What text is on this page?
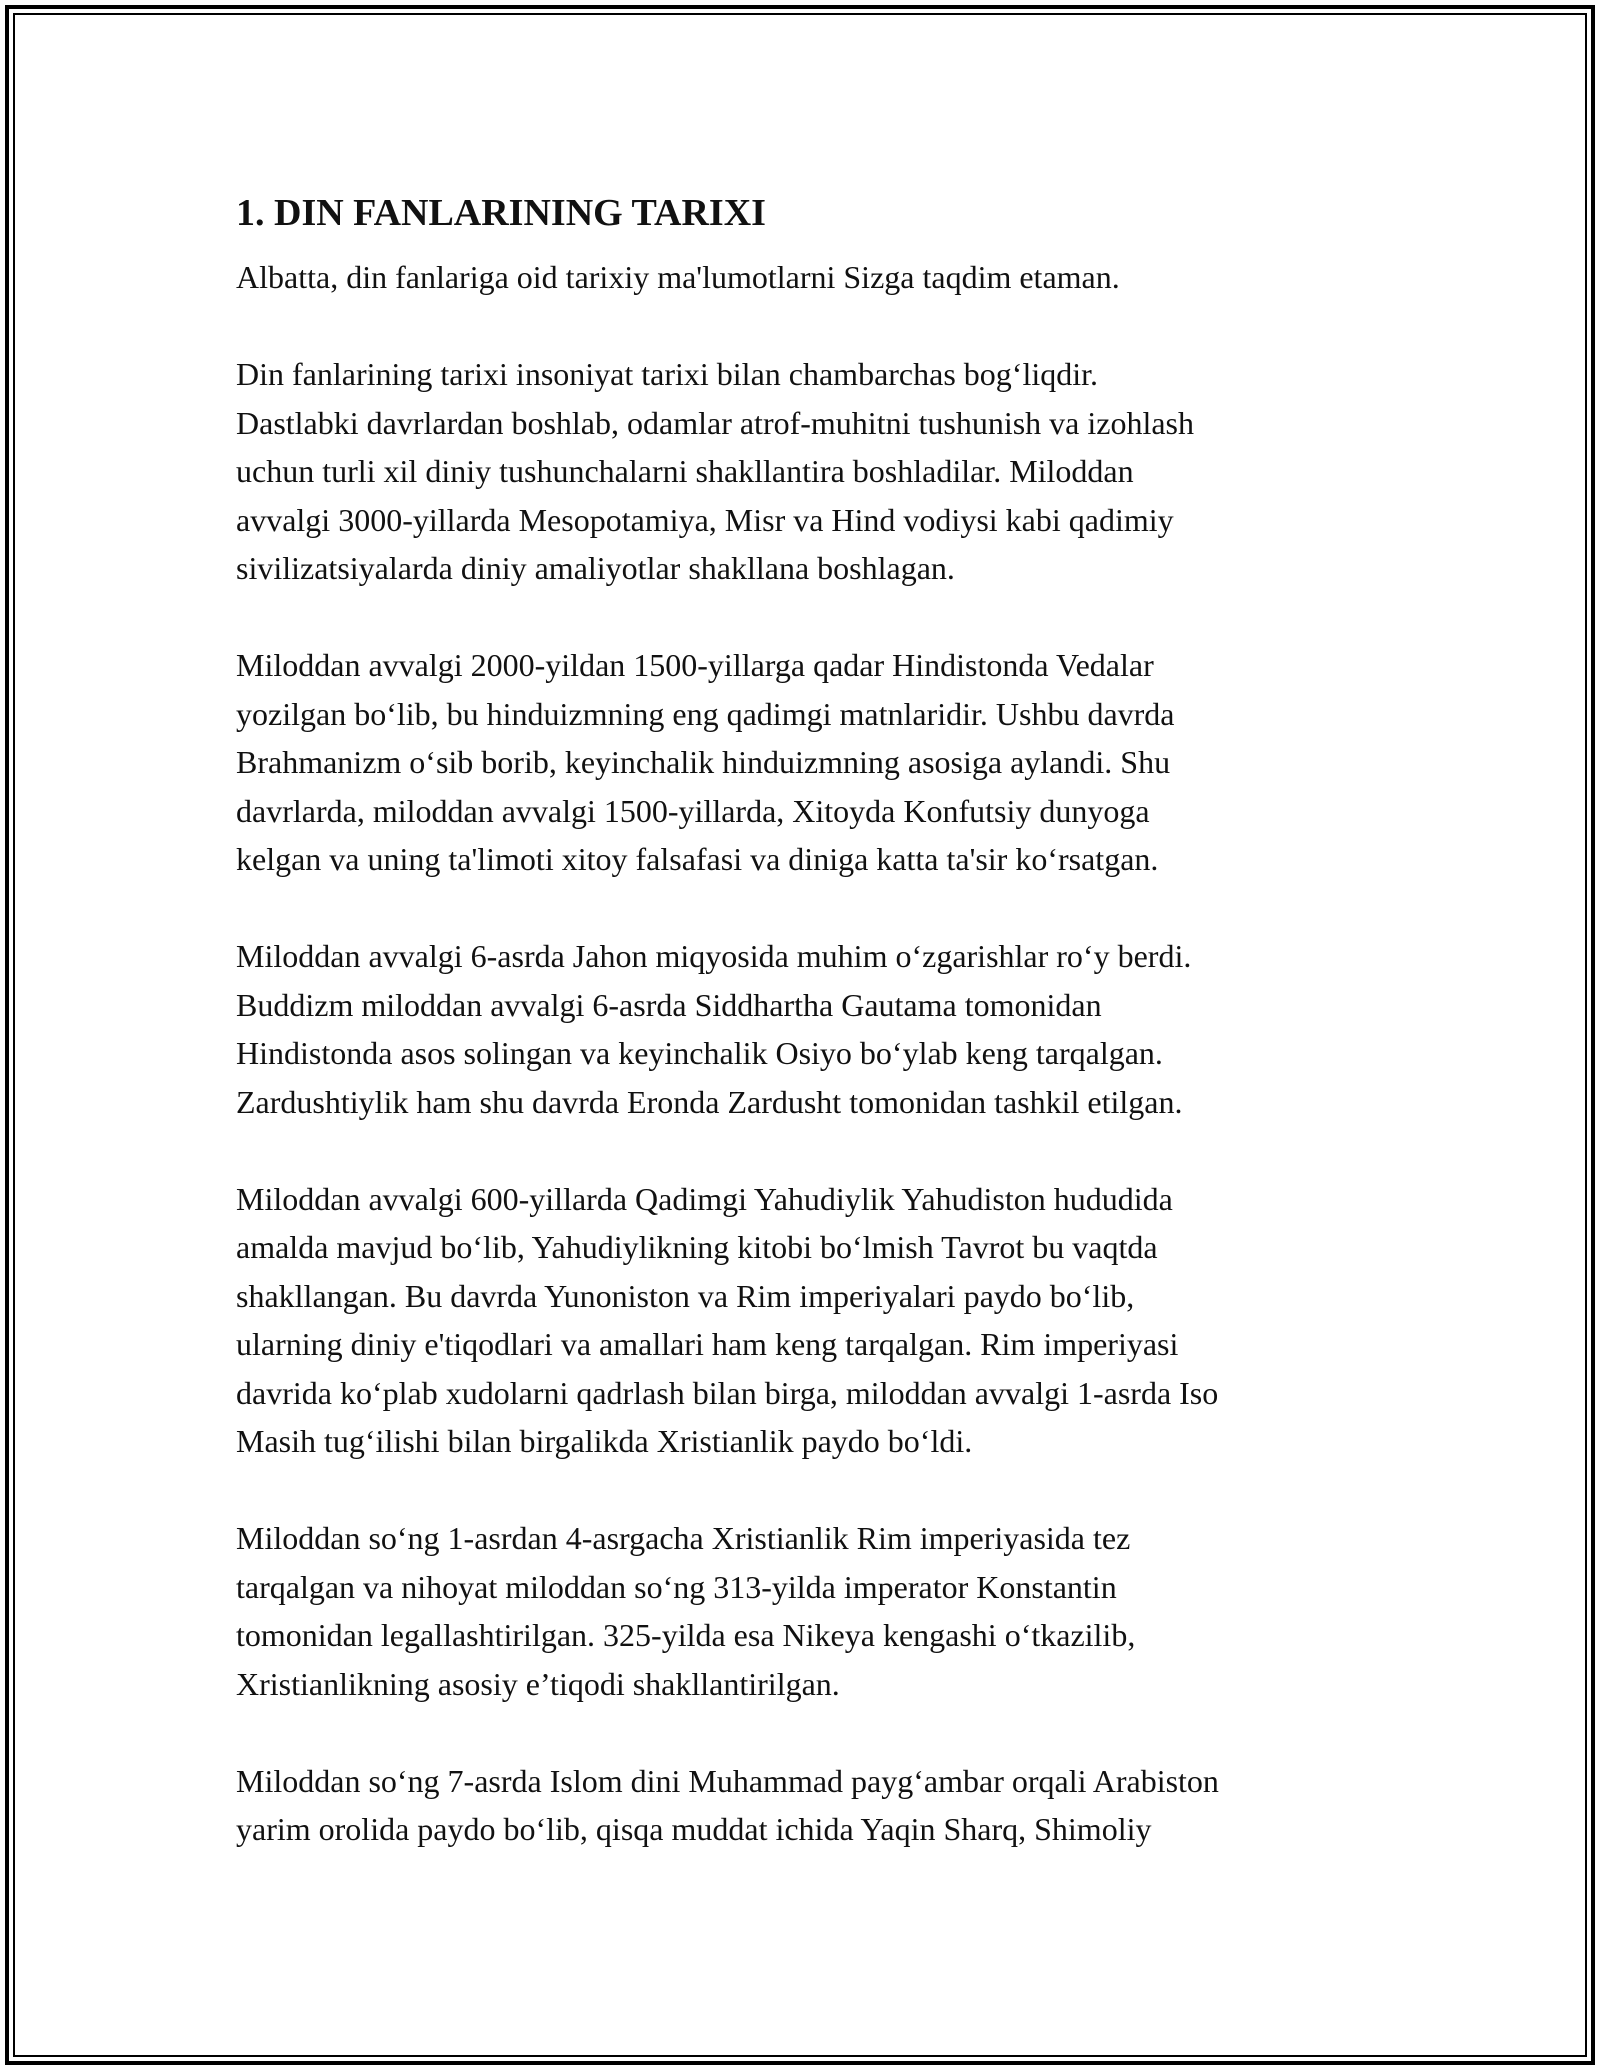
1. DIN FANLARINING TARIXI

Albatta, din fanlariga oid tarixiy ma'lumotlarni Sizga taqdim etaman.

Din fanlarining tarixi insoniyat tarixi bilan chambarchas bog‘liqdir.
Dastlabki davrlardan boshlab, odamlar atrof-muhitni tushunish va izohlash
uchun turli xil diniy tushunchalarni shakllantira boshladilar. Miloddan
avvalgi 3000-yillarda Mesopotamiya, Misr va Hind vodiysi kabi qadimiy
sivilizatsiyalarda diniy amaliyotlar shakllana boshlagan.

Miloddan avvalgi 2000-yildan 1500-yillarga qadar Hindistonda Vedalar
yozilgan bo‘lib, bu hinduizmning eng qadimgi matnlaridir. Ushbu davrda
Brahmanizm o‘sib borib, keyinchalik hinduizmning asosiga aylandi. Shu
davrlarda, miloddan avvalgi 1500-yillarda, Xitoyda Konfutsiy dunyoga
kelgan va uning ta'limoti xitoy falsafasi va diniga katta ta'sir ko‘rsatgan.

Miloddan avvalgi 6-asrda Jahon miqyosida muhim o‘zgarishlar ro‘y berdi.
Buddizm miloddan avvalgi 6-asrda Siddhartha Gautama tomonidan
Hindistonda asos solingan va keyinchalik Osiyo bo‘ylab keng tarqalgan.
Zardushtiylik ham shu davrda Eronda Zardusht tomonidan tashkil etilgan.

Miloddan avvalgi 600-yillarda Qadimgi Yahudiylik Yahudiston hududida
amalda mavjud bo‘lib, Yahudiylikning kitobi bo‘lmish Tavrot bu vaqtda
shakllangan. Bu davrda Yunoniston va Rim imperiyalari paydo bo‘lib,
ularning diniy e'tiqodlari va amallari ham keng tarqalgan. Rim imperiyasi
davrida ko‘plab xudolarni qadrlash bilan birga, miloddan avvalgi 1-asrda Iso
Masih tug‘ilishi bilan birgalikda Xristianlik paydo bo‘ldi.

Miloddan so‘ng 1-asrdan 4-asrgacha Xristianlik Rim imperiyasida tez
tarqalgan va nihoyat miloddan so‘ng 313-yilda imperator Konstantin
tomonidan legallashtirilgan. 325-yilda esa Nikeya kengashi o‘tkazilib,
Xristianlikning asosiy e’tiqodi shakllantirilgan.

Miloddan so‘ng 7-asrda Islom dini Muhammad payg‘ambar orqali Arabiston
yarim orolida paydo bo‘lib, qisqa muddat ichida Yaqin Sharq, Shimoliy
